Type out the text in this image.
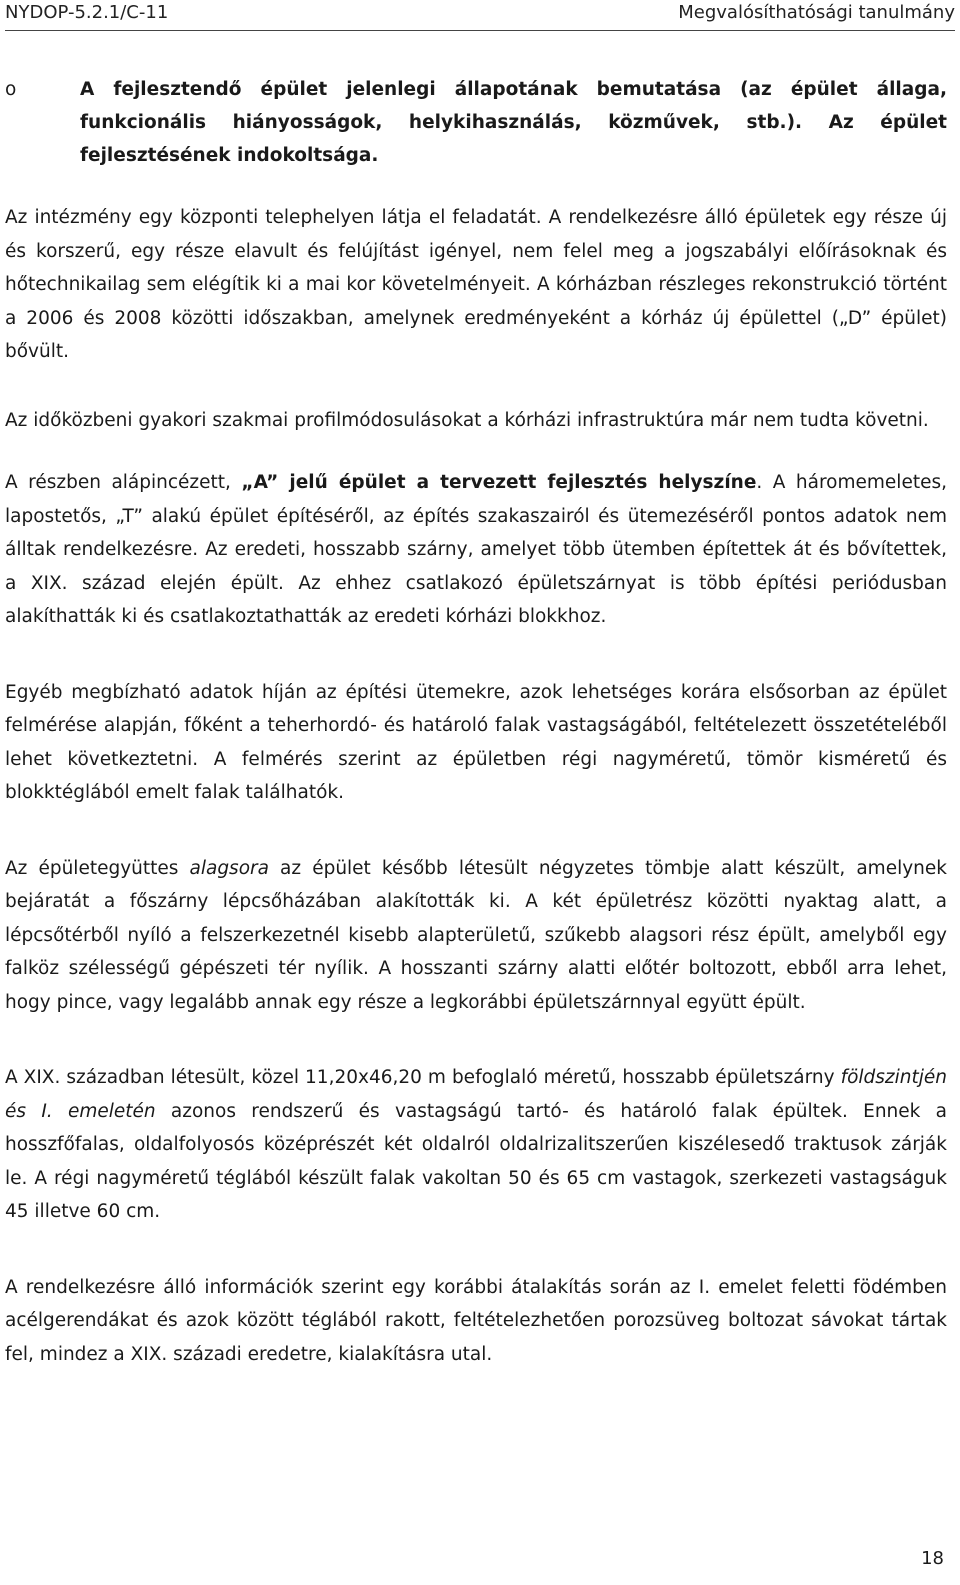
NYDOP-5.2.1/C-11	Megvalósíthatósági tanulmány
o	A fejlesztendő épület jelenlegi állapotának bemutatása (az épület állaga, funkcionális hiányosságok, helykihasználás, közművek, stb.). Az épület fejlesztésének indokoltsága.

Az intézmény egy központi telephelyen látja el feladatát. A rendelkezésre álló épületek egy része új és korszerű, egy része elavult és felújítást igényel, nem felel meg a jogszabályi előírásoknak és hőtechnikailag sem elégítik ki a mai kor követelményeit. A kórházban részleges rekonstrukció történt a 2006 és 2008 közötti időszakban, amelynek eredményeként a kórház új épülettel („D” épület) bővült.

Az időközbeni gyakori szakmai profilmódosulásokat a kórházi infrastruktúra már nem tudta követni.

A részben alápincézett, „A” jelű épület a tervezett fejlesztés helyszíne. A háromemeletes, lapostetős, „T” alakú épület építéséről, az építés szakaszairól és ütemezéséről pontos adatok nem álltak rendelkezésre. Az eredeti, hosszabb szárny, amelyet több ütemben építettek át és bővítettek, a XIX. század elején épült. Az ehhez csatlakozó épületszárnyat is több építési periódusban alakíthatták ki és csatlakoztathatták az eredeti kórházi blokkhoz.

Egyéb megbízható adatok híján az építési ütemekre, azok lehetséges korára elsősorban az épület felmérése alapján, főként a teherhordó- és határoló falak vastagságából, feltételezett összetételéből lehet következtetni. A felmérés szerint az épületben régi nagyméretű, tömör kisméretű és blokktéglából emelt falak találhatók.

Az épületegyüttes alagsora az épület később létesült négyzetes tömbje alatt készült, amelynek bejáratát a főszárny lépcsőházában alakították ki. A két épületrész közötti nyaktag alatt, a lépcsőtérből nyíló a felszerkezetnél kisebb alapterületű, szűkebb alagsori rész épült, amelyből egy falköz szélességű gépészeti tér nyílik. A hosszanti szárny alatti előtér boltozott, ebből arra lehet, hogy pince, vagy legalább annak egy része a legkorábbi épületszárnnyal együtt épült.

A XIX. században létesült, közel 11,20x46,20 m befoglaló méretű, hosszabb épületszárny földszintjén és I. emeletén azonos rendszerű és vastagságú tartó- és határoló falak épültek. Ennek a hosszfőfalas, oldalfolyosós középrészét két oldalról oldalrizalitszerűen kiszélesedő traktusok zárják le. A régi nagyméretű téglából készült falak vakoltan 50 és 65 cm vastagok, szerkezeti vastagságuk 45 illetve 60 cm.

A rendelkezésre álló információk szerint egy korábbi átalakítás során az I. emelet feletti födémben acélgerendákat és azok között téglából rakott, feltételezhetően porozsüveg boltozat sávokat tártak fel, mindez a XIX. századi eredetre, kialakításra utal.

18
